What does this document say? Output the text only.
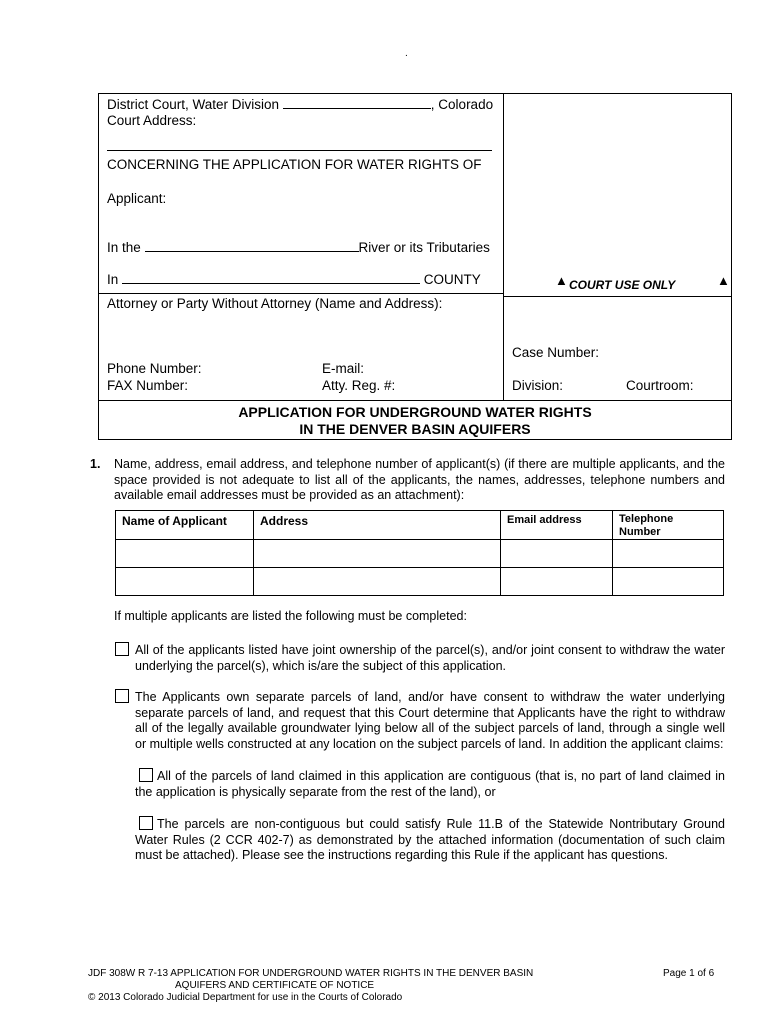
.
District Court, Water Division	, Colorado
Court Address:
CONCERNING THE APPLICATION FOR WATER RIGHTS OF
Applicant:
In the	River or its Tributaries
In	COUNTY	▲ COURT USE ONLY	▲
Attorney or Party Without Attorney (Name and Address):
Phone Number:	E-mail:
FAX Number:	Atty. Reg. #:
Case Number:
Division:	Courtroom:
APPLICATION FOR UNDERGROUND WATER RIGHTS
IN THE DENVER BASIN AQUIFERS
1. Name, address, email address, and telephone number of applicant(s) (if there are multiple applicants, and the space provided is not adequate to list all of the applicants, the names, addresses, telephone numbers and available email addresses must be provided as an attachment):
Name of Applicant	Address	Email address	Telephone Number

If multiple applicants are listed the following must be completed:
All of the applicants listed have joint ownership of the parcel(s), and/or joint consent to withdraw the water underlying the parcel(s), which is/are the subject of this application.
The Applicants own separate parcels of land, and/or have consent to withdraw the water underlying separate parcels of land, and request that this Court determine that Applicants have the right to withdraw all of the legally available groundwater lying below all of the subject parcels of land, through a single well or multiple wells constructed at any location on the subject parcels of land. In addition the applicant claims:
All of the parcels of land claimed in this application are contiguous (that is, no part of land claimed in the application is physically separate from the rest of the land), or
The parcels are non-contiguous but could satisfy Rule 11.B of the Statewide Nontributary Ground Water Rules (2 CCR 402-7) as demonstrated by the attached information (documentation of such claim must be attached). Please see the instructions regarding this Rule if the applicant has questions.
JDF 308W R 7-13 APPLICATION FOR UNDERGROUND WATER RIGHTS IN THE DENVER BASIN
AQUIFERS AND CERTIFICATE OF NOTICE
© 2013 Colorado Judicial Department for use in the Courts of Colorado
Page 1 of 6
